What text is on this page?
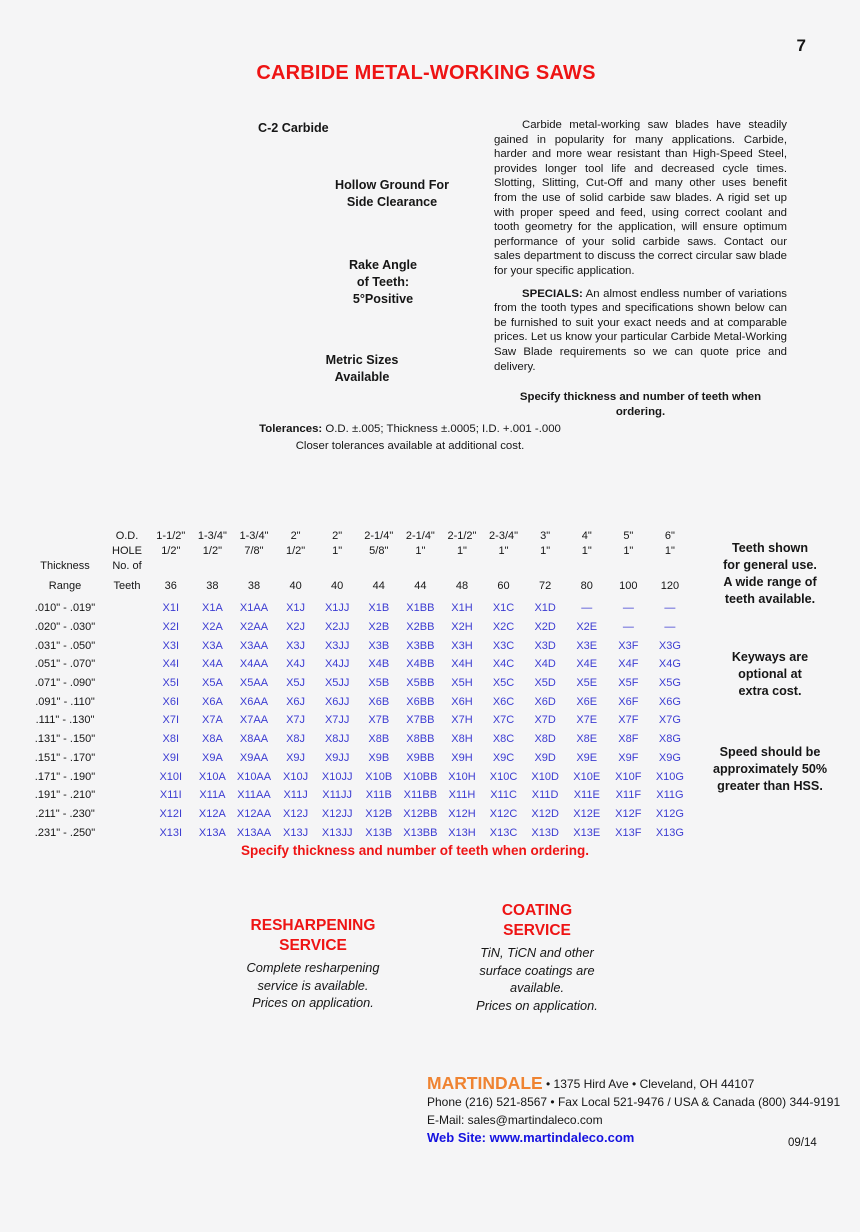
7
CARBIDE METAL-WORKING SAWS
C-2 Carbide
Hollow Ground For
Side Clearance
Rake Angle
of Teeth:
5°Positive
Metric Sizes
Available

Carbide metal-working saw blades have steadily gained in popularity for many applications. Carbide, harder and more wear resistant than High-Speed Steel, provides longer tool life and decreased cycle times. Slotting, Slitting, Cut-Off and many other uses benefit from the use of solid carbide saw blades. A rigid set up with proper speed and feed, using correct coolant and tooth geometry for the application, will ensure optimum performance of your solid carbide saws. Contact our sales department to discuss the correct circular saw blade for your specific application.

SPECIALS: An almost endless number of variations from the tooth types and specifications shown below can be furnished to suit your exact needs and at comparable prices. Let us know your particular Carbide Metal-Working Saw Blade requirements so we can quote price and delivery.

Specify thickness and number of teeth when ordering.

Tolerances: O.D. ±.005; Thickness ±.0005; I.D. +.001 -.000
Closer tolerances available at additional cost.
O.D.	1-1/2"	1-3/4"	1-3/4"	2"	2"	2-1/4"	2-1/4"	2-1/2"	2-3/4"	3"	4"	5"	6"
HOLE	1/2"	1/2"	7/8"	1/2"	1"	5/8"	1"	1"	1"	1"	1"	1"	1"
Thickness	No. of
Range	Teeth	36	38	38	40	40	44	44	48	60	72	80	100	120
.010" - .019"	X1I	X1A	X1AA	X1J	X1JJ	X1B	X1BB	X1H	X1C	X1D	—	—	—
.020" - .030"	X2I	X2A	X2AA	X2J	X2JJ	X2B	X2BB	X2H	X2C	X2D	X2E	—	—
.031" - .050"	X3I	X3A	X3AA	X3J	X3JJ	X3B	X3BB	X3H	X3C	X3D	X3E	X3F	X3G
.051" - .070"	X4I	X4A	X4AA	X4J	X4JJ	X4B	X4BB	X4H	X4C	X4D	X4E	X4F	X4G
.071" - .090"	X5I	X5A	X5AA	X5J	X5JJ	X5B	X5BB	X5H	X5C	X5D	X5E	X5F	X5G
.091" - .110"	X6I	X6A	X6AA	X6J	X6JJ	X6B	X6BB	X6H	X6C	X6D	X6E	X6F	X6G
.111" - .130"	X7I	X7A	X7AA	X7J	X7JJ	X7B	X7BB	X7H	X7C	X7D	X7E	X7F	X7G
.131" - .150"	X8I	X8A	X8AA	X8J	X8JJ	X8B	X8BB	X8H	X8C	X8D	X8E	X8F	X8G
.151" - .170"	X9I	X9A	X9AA	X9J	X9JJ	X9B	X9BB	X9H	X9C	X9D	X9E	X9F	X9G
.171" - .190"	X10I	X10A	X10AA	X10J	X10JJ	X10B	X10BB X10H	X10C	X10D	X10E	X10F	X10G
.191" - .210"	X11I	X11A	X11AA	X11J	X11JJ	X11B	X11BB	X11H	X11C	X11D	X11E	X11F	X11G
.211" - .230"	X12I	X12A	X12AA	X12J	X12JJ	X12B	X12BB X12H	X12C	X12D	X12E	X12F	X12G
.231" - .250"	X13I	X13A	X13AA	X13J	X13JJ	X13B	X13BB X13H	X13C	X13D	X13E	X13F	X13G
Teeth shown
for general use.
A wide range of
teeth available.
Keyways are
optional at
extra cost.
Speed should be
approximately 50%
greater than HSS.
Specify thickness and number of teeth when ordering.
RESHARPENING
SERVICE
Complete resharpening
service is available.
Prices on application.
COATING
SERVICE
TiN, TiCN and other
surface coatings are
available.
Prices on application.
MARTINDALE • 1375 Hird Ave • Cleveland, OH 44107
Phone (216) 521-8567 • Fax Local 521-9476 / USA & Canada (800) 344-9191
E-Mail: sales@martindaleco.com
Web Site: www.martindaleco.com	09/14
